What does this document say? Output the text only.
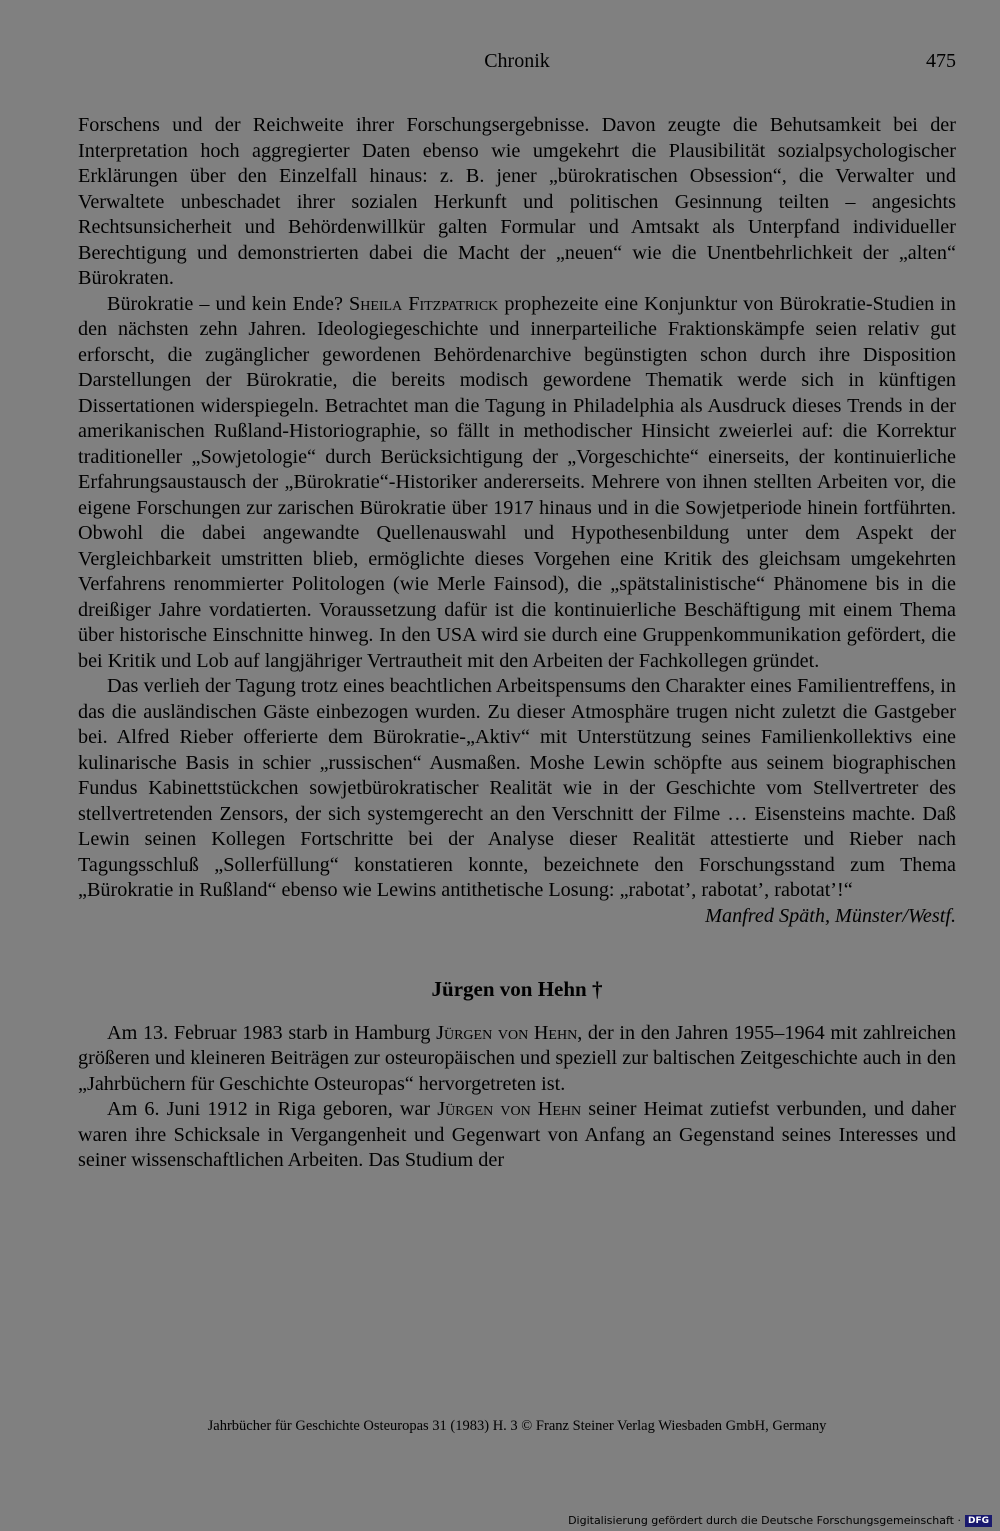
Chronik	475

Forschens und der Reichweite ihrer Forschungsergebnisse. Davon zeugte die Behutsamkeit bei der Interpretation hoch aggregierter Daten ebenso wie umgekehrt die Plausibilität sozialpsychologischer Erklärungen über den Einzelfall hinaus: z. B. jener „bürokratischen Obsession“, die Verwalter und Verwaltete unbeschadet ihrer sozialen Herkunft und politischen Gesinnung teilten – angesichts Rechtsunsicherheit und Behördenwillkür galten Formular und Amtsakt als Unterpfand individueller Berechtigung und demonstrierten dabei die Macht der „neuen“ wie die Unentbehrlichkeit der „alten“ Bürokraten.

Bürokratie – und kein Ende? Sheila Fitzpatrick prophezeite eine Konjunktur von Bürokratie-Studien in den nächsten zehn Jahren. Ideologiegeschichte und innerparteiliche Fraktionskämpfe seien relativ gut erforscht, die zugänglicher gewordenen Behördenarchive begünstigten schon durch ihre Disposition Darstellungen der Bürokratie, die bereits modisch gewordene Thematik werde sich in künftigen Dissertationen widerspiegeln. Betrachtet man die Tagung in Philadelphia als Ausdruck dieses Trends in der amerikanischen Rußland-Historiographie, so fällt in methodischer Hinsicht zweierlei auf: die Korrektur traditioneller „Sowjetologie“ durch Berücksichtigung der „Vorgeschichte“ einerseits, der kontinuierliche Erfahrungsaustausch der „Bürokratie“-Historiker andererseits. Mehrere von ihnen stellten Arbeiten vor, die eigene Forschungen zur zarischen Bürokratie über 1917 hinaus und in die Sowjetperiode hinein fortführten. Obwohl die dabei angewandte Quellenauswahl und Hypothesenbildung unter dem Aspekt der Vergleichbarkeit umstritten blieb, ermöglichte dieses Vorgehen eine Kritik des gleichsam umgekehrten Verfahrens renommierter Politologen (wie Merle Fainsod), die „spätstalinistische“ Phänomene bis in die dreißiger Jahre vordatierten. Voraussetzung dafür ist die kontinuierliche Beschäftigung mit einem Thema über historische Einschnitte hinweg. In den USA wird sie durch eine Gruppenkommunikation gefördert, die bei Kritik und Lob auf langjähriger Vertrautheit mit den Arbeiten der Fachkollegen gründet.

Das verlieh der Tagung trotz eines beachtlichen Arbeitspensums den Charakter eines Familientreffens, in das die ausländischen Gäste einbezogen wurden. Zu dieser Atmosphäre trugen nicht zuletzt die Gastgeber bei. Alfred Rieber offerierte dem Bürokratie-„Aktiv“ mit Unterstützung seines Familienkollektivs eine kulinarische Basis in schier „russischen“ Ausmaßen. Moshe Lewin schöpfte aus seinem biographischen Fundus Kabinettstückchen sowjetbürokratischer Realität wie in der Geschichte vom Stellvertreter des stellvertretenden Zensors, der sich systemgerecht an den Verschnitt der Filme … Eisensteins machte. Daß Lewin seinen Kollegen Fortschritte bei der Analyse dieser Realität attestierte und Rieber nach Tagungsschluß „Sollerfüllung“ konstatieren konnte, bezeichnete den Forschungsstand zum Thema „Bürokratie in Rußland“ ebenso wie Lewins antithetische Losung: „rabotat’, rabotat’, rabotat’!“

Manfred Späth, Münster/Westf.

Jürgen von Hehn †

Am 13. Februar 1983 starb in Hamburg Jürgen von Hehn, der in den Jahren 1955–1964 mit zahlreichen größeren und kleineren Beiträgen zur osteuropäischen und speziell zur baltischen Zeitgeschichte auch in den „Jahrbüchern für Geschichte Osteuropas“ hervorgetreten ist.

Am 6. Juni 1912 in Riga geboren, war Jürgen von Hehn seiner Heimat zutiefst verbunden, und daher waren ihre Schicksale in Vergangenheit und Gegenwart von Anfang an Gegenstand seines Interesses und seiner wissenschaftlichen Arbeiten. Das Studium der

Jahrbücher für Geschichte Osteuropas 31 (1983) H. 3 © Franz Steiner Verlag Wiesbaden GmbH, Germany
Digitalisierung gefördert durch die Deutsche Forschungsgemeinschaft · DFG
